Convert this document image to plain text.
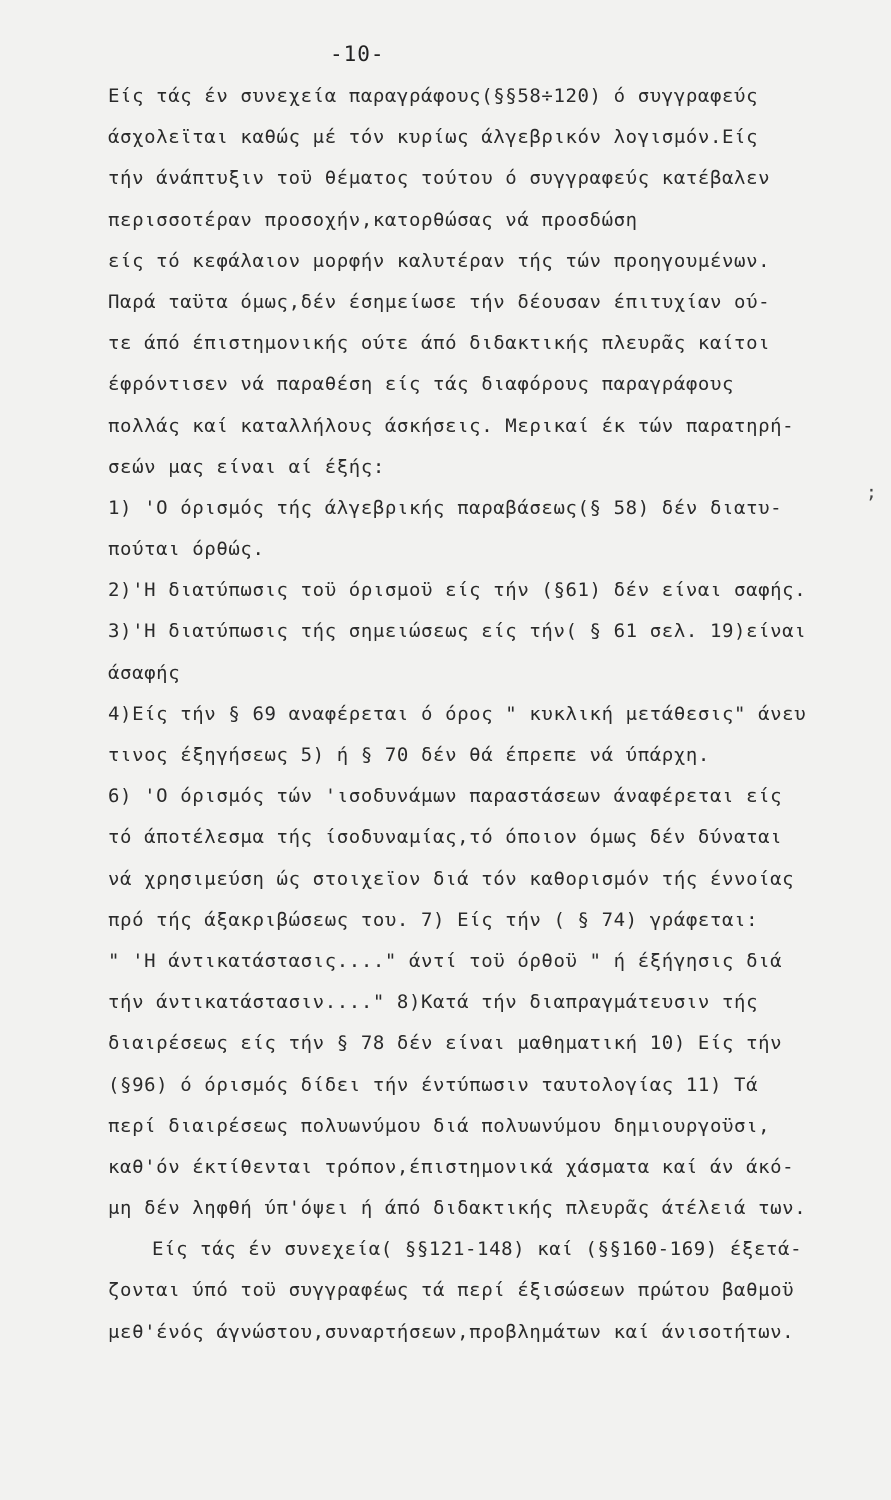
-10-
Είς τάς έν συνεχεία παραγράφους(§§58÷120) ό συγγραφεύς
άσχολεϊται καθώς μέ τόν κυρίως άλγεβρικόν λογισμόν.Είς
τήν άνάπτυξιν τοϋ θέματος τούτου ό συγγραφεύς κατέβαλεν
περισσοτέραν προσοχήν,κατορθώσας νά προσδώση
είς τό κεφάλαιον μορφήν καλυτέραν τής τών προηγουμένων.
Παρά ταϋτα όμως,δέν έσημείωσε τήν δέουσαν έπιτυχίαν ού-
τε άπό έπιστημονικής ούτε άπό διδακτικής πλευρᾶς καίτοι
έφρόντισεν νά παραθέση είς τάς διαφόρους παραγράφους
πολλάς καί καταλλήλους άσκήσεις. Μερικαί έκ τών παρατηρή-
σεών μας είναι αί έξής:
1) 'Ο όρισμός τής άλγεβρικής παραβάσεως(§ 58) δέν διατυ-
πούται όρθώς.
2)'Η διατύπωσις τοϋ όρισμοϋ είς τήν (§61) δέν είναι σαφής.
3)'Η διατύπωσις τής σημειώσεως είς τήν( § 61 σελ. 19)είναι
άσαφής
4)Είς τήν § 69 αναφέρεται ό όρος " κυκλική μετάθεσις" άνευ
τινος έξηγήσεως 5) ή § 70 δέν θά έπρεπε νά ύπάρχη.
6) 'Ο όρισμός τών 'ισοδυνάμων παραστάσεων άναφέρεται είς
τό άποτέλεσμα τής ίσοδυναμίας,τό όποιον όμως δέν δύναται
νά χρησιμεύση ώς στοιχεϊον διά τόν καθορισμόν τής έννοίας
πρό τής άξακριβώσεως του. 7) Είς τήν ( § 74) γράφεται:
" 'Η άντικατάστασις...." άντί τοϋ όρθοϋ " ή έξήγησις διά
τήν άντικατάστασιν...." 8)Κατά τήν διαπραγμάτευσιν τής
διαιρέσεως είς τήν § 78 δέν είναι μαθηματική 10) Είς τήν
(§96) ό όρισμός δίδει τήν έντύπωσιν ταυτολογίας 11) Τά
περί διαιρέσεως πολυωνύμου διά πολυωνύμου δημιουργοϋσι,
καθ'όν έκτίθενται τρόπον,έπιστημονικά χάσματα καί άν άκό-
μη δέν ληφθή ύπ'όψει ή άπό διδακτικής πλευρᾶς άτέλειά των.
Είς τάς έν συνεχεία( §§121-148) καί (§§160-169) έξετά-
ζονται ύπό τοϋ συγγραφέως τά περί έξισώσεων πρώτου βαθμοϋ
μεθ'ένός άγνώστου,συναρτήσεων,προβλημάτων καί άνισοτήτων.
;
